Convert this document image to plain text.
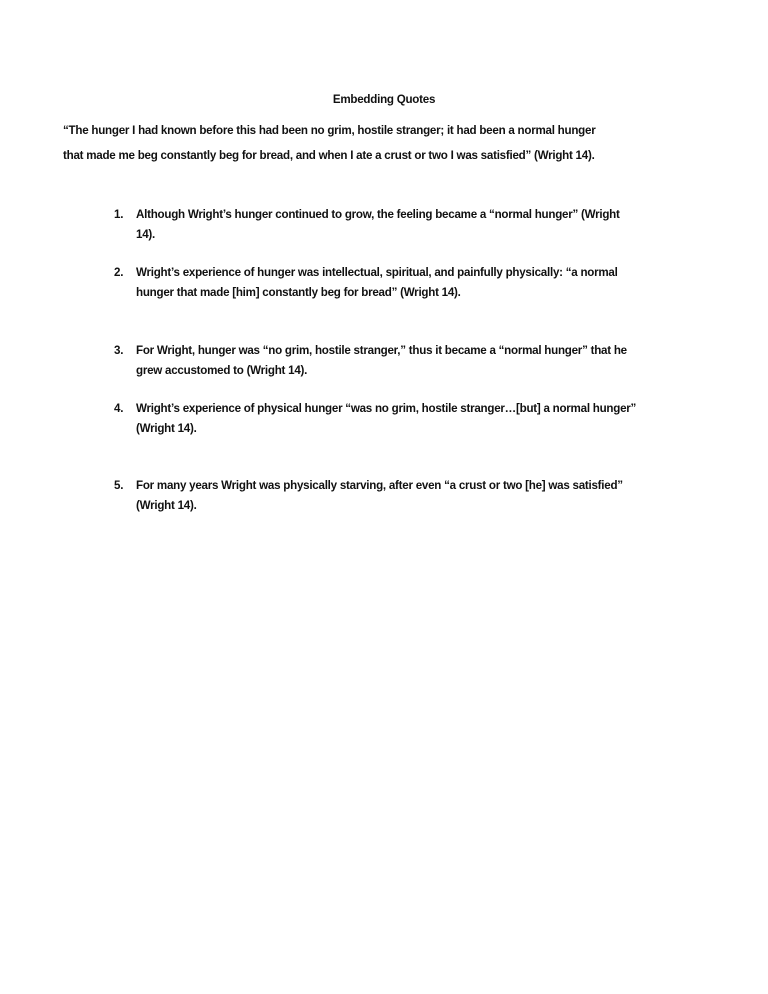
Embedding Quotes
“The hunger I had known before this had been no grim, hostile stranger; it had been a normal hunger
that made me beg constantly beg for bread, and when I ate a crust or two I was satisfied” (Wright 14).
1. Although Wright’s hunger continued to grow, the feeling became a “normal hunger” (Wright
14).
2. Wright’s experience of hunger was intellectual, spiritual, and painfully physically: “a normal
hunger that made [him] constantly beg for bread” (Wright 14).
3. For Wright, hunger was “no grim, hostile stranger,” thus it became a “normal hunger” that he
grew accustomed to (Wright 14).
4. Wright’s experience of physical hunger “was no grim, hostile stranger…[but] a normal hunger”
(Wright 14).
5. For many years Wright was physically starving, after even “a crust or two [he] was satisfied”
(Wright 14).
